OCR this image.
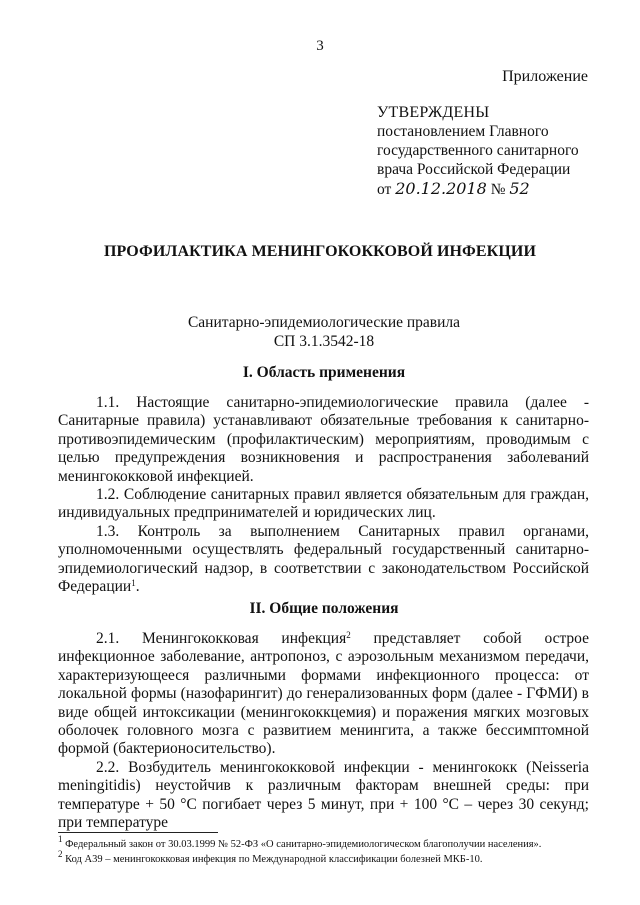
3
Приложение
УТВЕРЖДЕНЫ
постановлением Главного
государственного санитарного
врача Российской Федерации
от 20.12.2018 № 52
ПРОФИЛАКТИКА МЕНИНГОКОККОВОЙ ИНФЕКЦИИ
Санитарно-эпидемиологические правила
СП 3.1.3542-18
I. Область применения

1.1. Настоящие санитарно-эпидемиологические правила (далее - Санитарные правила) устанавливают обязательные требования к санитарно-противоэпидемическим (профилактическим) мероприятиям, проводимым с целью предупреждения возникновения и распространения заболеваний менингококковой инфекцией.

1.2. Соблюдение санитарных правил является обязательным для граждан, индивидуальных предпринимателей и юридических лиц.

1.3. Контроль за выполнением Санитарных правил органами, уполномоченными осуществлять федеральный государственный санитарно-эпидемиологический надзор, в соответствии с законодательством Российской Федерации$^1$.

II. Общие положения

2.1. Менингококковая инфекция$^2$ представляет собой острое инфекционное заболевание, антропоноз, с аэрозольным механизмом передачи, характеризующееся различными формами инфекционного процесса: от локальной формы (назофарингит) до генерализованных форм (далее - ГФМИ) в виде общей интоксикации (менингококкцемия) и поражения мягких мозговых оболочек головного мозга с развитием менингита, а также бессимптомной формой (бактерионосительство).

2.2. Возбудитель менингококковой инфекции - менингококк (Neisseria meningitidis) неустойчив к различным факторам внешней среды: при температуре + 50 °С погибает через 5 минут, при + 100 °С – через 30 секунд; при температуре

$^1$ Федеральный закон от 30.03.1999 № 52-ФЗ «О санитарно-эпидемиологическом благополучии населения».
$^2$ Код А39 – менингококковая инфекция по Международной классификации болезней МКБ-10.
